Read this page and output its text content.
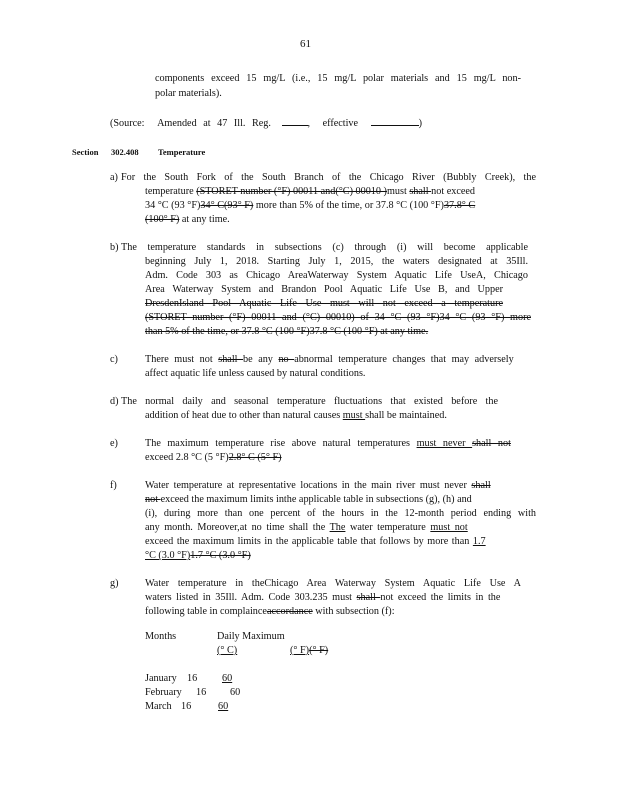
61
components exceed 15 mg/L (i.e., 15 mg/L polar materials and 15 mg/L non-
polar materials).
(Source: Amended at 47 Ill. Reg.	, effective	)
Section 302.408 Temperature
a) For the South Fork of the South Branch of the Chicago River (Bubbly Creek), the
temperature (STORET number (°F) 00011 and(°C) 00010 )must shall not exceed
34 °C (93 °F)34° C(93° F) more than 5% of the time, or 37.8 °C (100 °F)37.8° C
(100° F) at any time.
b) The temperature standards in subsections (c) through (i) will become applicable
beginning July 1, 2018. Starting July 1, 2015, the waters designated at 35Ill.
Adm. Code 303 as Chicago AreaWaterway System Aquatic Life UseA, Chicago
Area Waterway System and Brandon Pool Aquatic Life Use B, and Upper
DresdenIsland Pool Aquatic Life Use must will not exceed a temperature
(STORET number (°F) 00011 and (°C) 00010) of 34 °C (93 °F)34 °C (93 °F) more
than 5% of the time, or 37.8 °C (100 °F)37.8 °C (100 °F) at any time.
c)	There must not shall be any no abnormal temperature changes that may adversely
affect aquatic life unless caused by natural conditions.
d) The normal daily and seasonal temperature fluctuations that existed before the
addition of heat due to other than natural causes must shall be maintained.
e)	The maximum temperature rise above natural temperatures must never shall not
exceed 2.8 °C (5 °F)2.8° C (5° F)
f)	Water temperature at representative locations in the main river must never shall
not exceed the maximum limits inthe applicable table in subsections (g), (h) and
(i), during more than one percent of the hours in the 12-month period ending with
any month. Moreover,at no time shall the The water temperature must not
exceed the maximum limits in the applicable table that follows by more than 1.7
°C (3.0 °F)1.7 °C (3.0 °F)
g)	Water temperature in theChicago Area Waterway System Aquatic Life Use A
waters listed in 35Ill. Adm. Code 303.235 must shall not exceed the limits in the
following table in complainceaccordance with subsection (f):
Months	Daily Maximum
(° C)	(° F)(° F)
January 16	60
February 16 60
March 16	60
